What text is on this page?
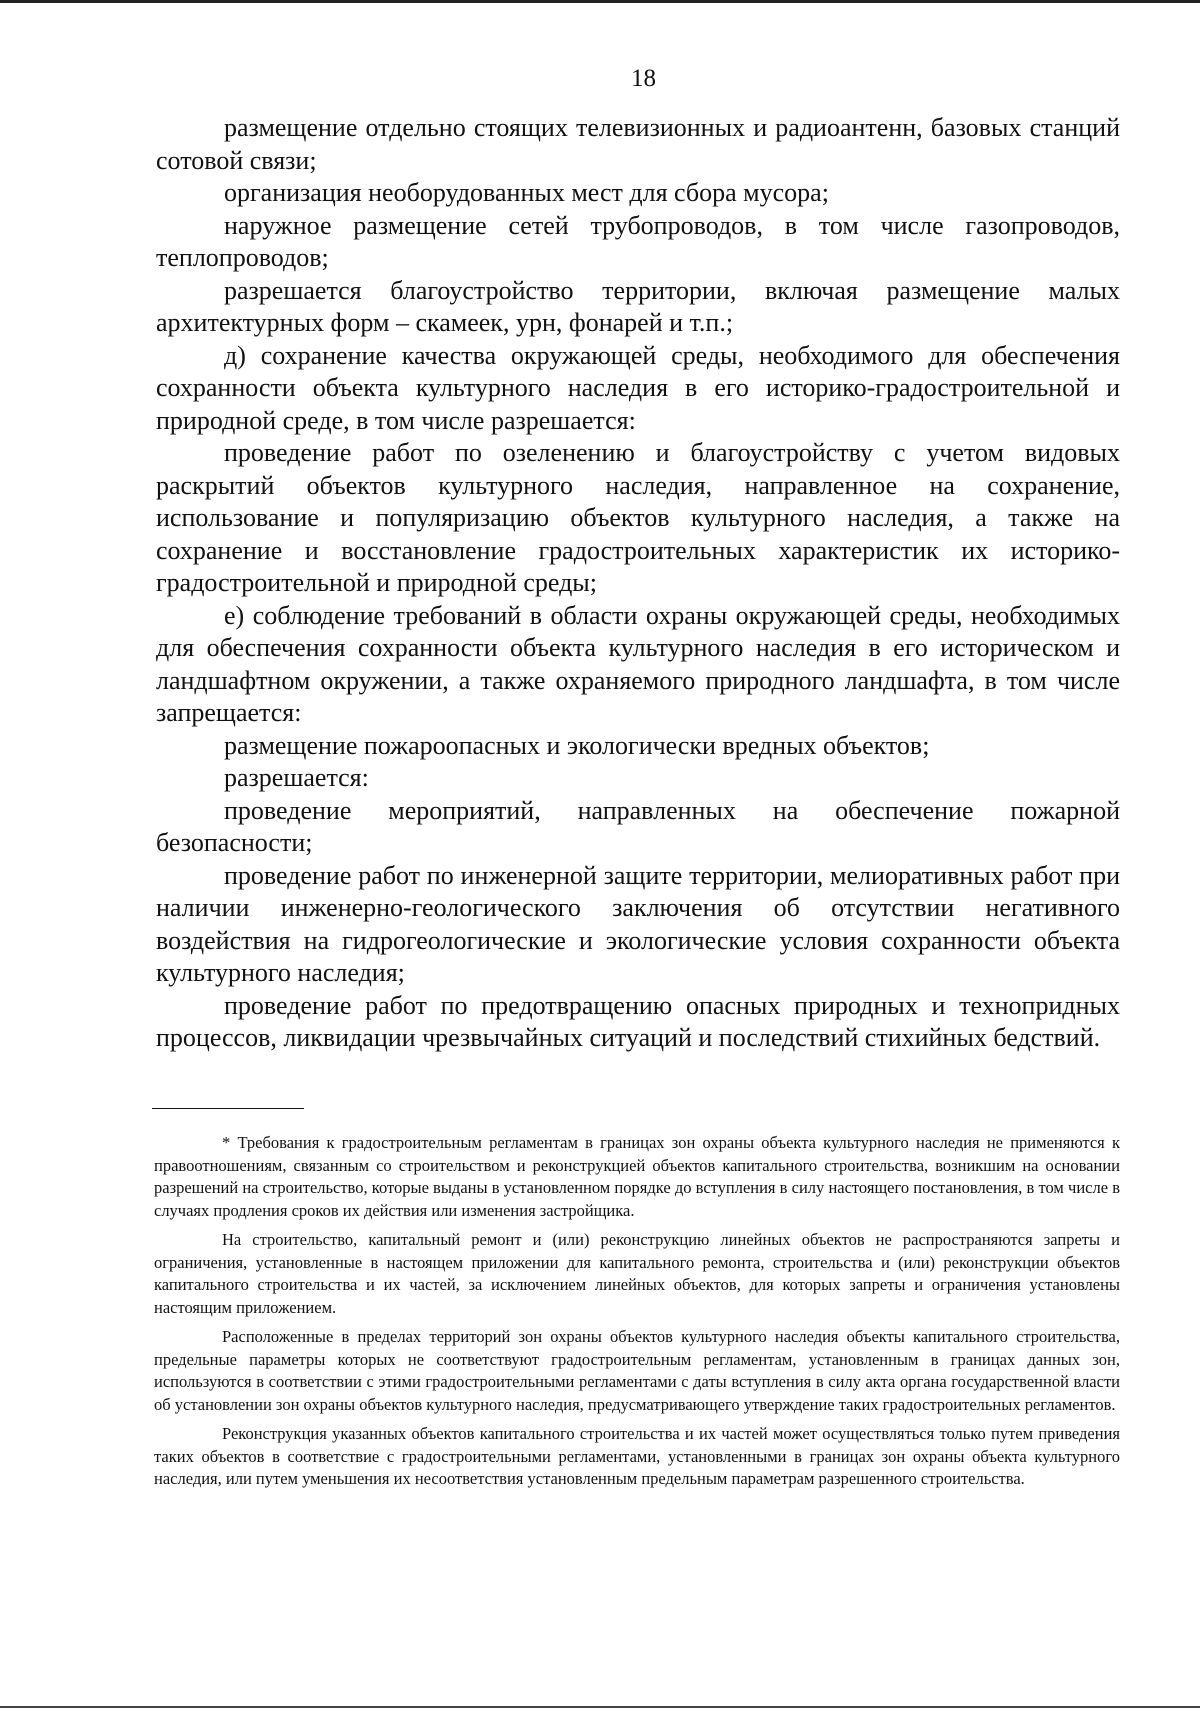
18

размещение отдельно стоящих телевизионных и радиоантенн, базовых станций сотовой связи;

организация необорудованных мест для сбора мусора;

наружное размещение сетей трубопроводов, в том числе газопроводов, теплопроводов;

разрешается благоустройство территории, включая размещение малых архитектурных форм – скамеек, урн, фонарей и т.п.;

д) сохранение качества окружающей среды, необходимого для обеспечения сохранности объекта культурного наследия в его историко-градостроительной и природной среде, в том числе разрешается:

проведение работ по озеленению и благоустройству с учетом видовых раскрытий объектов культурного наследия, направленное на сохранение, использование и популяризацию объектов культурного наследия, а также на сохранение и восстановление градостроительных характеристик их историко-градостроительной и природной среды;

е) соблюдение требований в области охраны окружающей среды, необходимых для обеспечения сохранности объекта культурного наследия в его историческом и ландшафтном окружении, а также охраняемого природного ландшафта, в том числе запрещается:

размещение пожароопасных и экологически вредных объектов;

разрешается:

проведение мероприятий, направленных на обеспечение пожарной безопасности;

проведение работ по инженерной защите территории, мелиоративных работ при наличии инженерно-геологического заключения об отсутствии негативного воздействия на гидрогеологические и экологические условия сохранности объекта культурного наследия;

проведение работ по предотвращению опасных природных и технопридных процессов, ликвидации чрезвычайных ситуаций и последствий стихийных бедствий.

* Требования к градостроительным регламентам в границах зон охраны объекта культурного наследия не применяются к правоотношениям, связанным со строительством и реконструкцией объектов капитального строительства, возникшим на основании разрешений на строительство, которые выданы в установленном порядке до вступления в силу настоящего постановления, в том числе в случаях продления сроков их действия или изменения застройщика.

На строительство, капитальный ремонт и (или) реконструкцию линейных объектов не распространяются запреты и ограничения, установленные в настоящем приложении для капитального ремонта, строительства и (или) реконструкции объектов капитального строительства и их частей, за исключением линейных объектов, для которых запреты и ограничения установлены настоящим приложением.

Расположенные в пределах территорий зон охраны объектов культурного наследия объекты капитального строительства, предельные параметры которых не соответствуют градостроительным регламентам, установленным в границах данных зон, используются в соответствии с этими градостроительными регламентами с даты вступления в силу акта органа государственной власти об установлении зон охраны объектов культурного наследия, предусматривающего утверждение таких градостроительных регламентов.

Реконструкция указанных объектов капитального строительства и их частей может осуществляться только путем приведения таких объектов в соответствие с градостроительными регламентами, установленными в границах зон охраны объекта культурного наследия, или путем уменьшения их несоответствия установленным предельным параметрам разрешенного строительства.
